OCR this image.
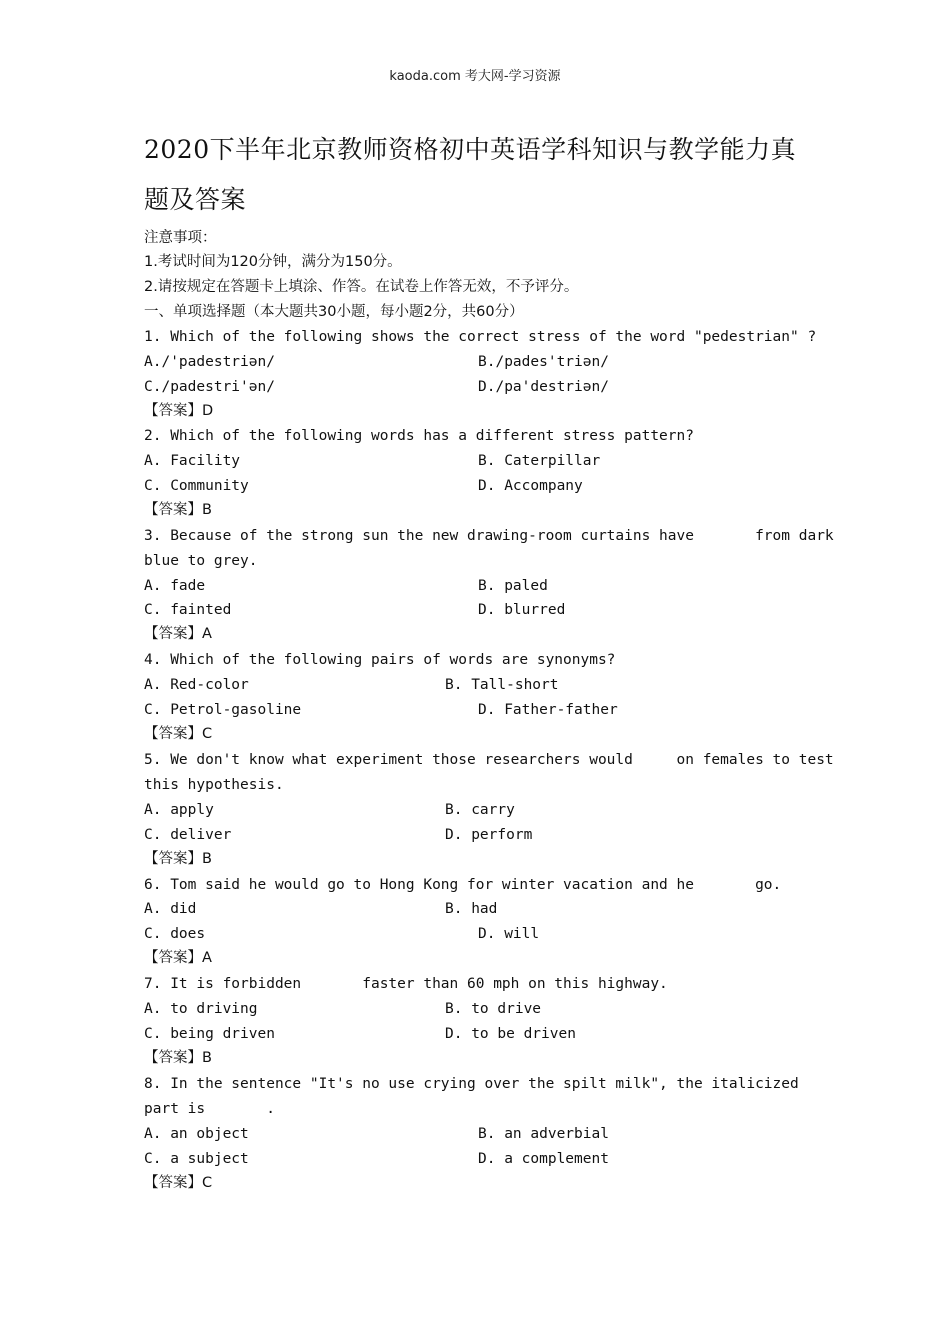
kaoda.com 考大网-学习资源
2020下半年北京教师资格初中英语学科知识与教学能力真
题及答案
注意事项：
1.考试时间为120分钟，满分为150分。
2.请按规定在答题卡上填涂、作答。在试卷上作答无效，不予评分。
一、单项选择题（本大题共30小题，每小题2分，共60分）
1. Which of the following shows the correct stress of the word "pedestrian" ?
A./'padestriən/	B./pades'triən/
C./padestri'ən/	D./pa'destriən/
【答案】D
2. Which of the following words has a different stress pattern?
A. Facility	B. Caterpillar
C. Community	D. Accompany
【答案】B
3. Because of the strong sun the new drawing-room curtains have       from dark
blue to grey.
A. fade	B. paled
C. fainted	D. blurred
【答案】A
4. Which of the following pairs of words are synonyms?
A. Red-color	B. Tall-short
C. Petrol-gasoline	D. Father-father
【答案】C
5. We don't know what experiment those researchers would     on females to test
this hypothesis.
A. apply	B. carry
C. deliver	D. perform
【答案】B
6. Tom said he would go to Hong Kong for winter vacation and he       go.
A. did	B. had
C. does	D. will
【答案】A
7. It is forbidden       faster than 60 mph on this highway.
A. to driving	B. to drive
C. being driven	D. to be driven
【答案】B
8. In the sentence "It's no use crying over the spilt milk", the italicized
part is       .
A. an object	B. an adverbial
C. a subject	D. a complement
【答案】C
